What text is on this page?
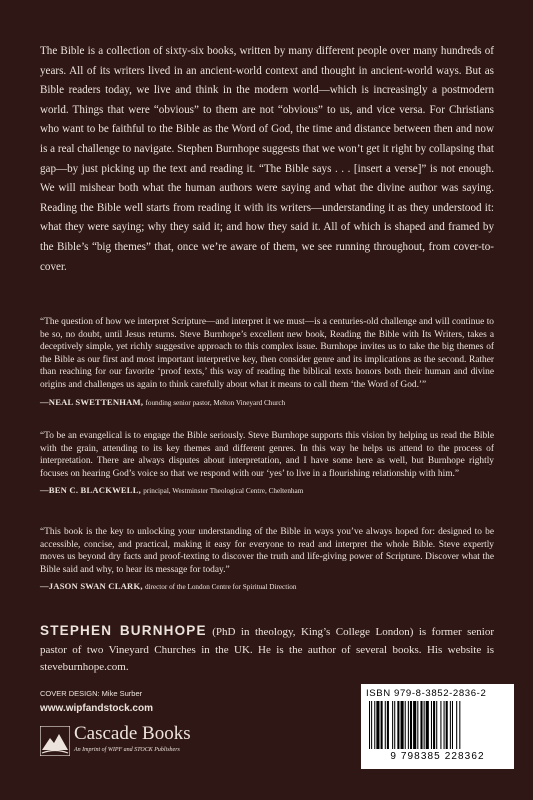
The Bible is a collection of sixty-six books, written by many different people over many hundreds of years. All of its writers lived in an ancient-world context and thought in ancient-world ways. But as Bible readers today, we live and think in the modern world—which is increasingly a postmodern world. Things that were “obvious” to them are not “obvious” to us, and vice versa. For Christians who want to be faithful to the Bible as the Word of God, the time and distance between then and now is a real challenge to navigate. Stephen Burnhope suggests that we won’t get it right by collapsing that gap—by just picking up the text and reading it. “The Bible says . . . [insert a verse]” is not enough. We will mishear both what the human authors were saying and what the divine author was saying. Reading the Bible well starts from reading it with its writers—understanding it as they understood it: what they were saying; why they said it; and how they said it. All of which is shaped and framed by the Bible’s “big themes” that, once we’re aware of them, we see running throughout, from cover-to-cover.

“The question of how we interpret Scripture—and interpret it we must—is a centuries-old challenge and will continue to be so, no doubt, until Jesus returns. Steve Burnhope’s excellent new book, Reading the Bible with Its Writers, takes a deceptively simple, yet richly suggestive approach to this complex issue. Burnhope invites us to take the big themes of the Bible as our first and most important interpretive key, then consider genre and its implications as the second. Rather than reaching for our favorite ‘proof texts,’ this way of reading the biblical texts honors both their human and divine origins and challenges us again to think carefully about what it means to call them ‘the Word of God.’”

—NEAL SWETTENHAM, founding senior pastor, Melton Vineyard Church

“To be an evangelical is to engage the Bible seriously. Steve Burnhope supports this vision by helping us read the Bible with the grain, attending to its key themes and different genres. In this way he helps us attend to the process of interpretation. There are always disputes about interpretation, and I have some here as well, but Burnhope rightly focuses on hearing God’s voice so that we respond with our ‘yes’ to live in a flourishing relationship with him.”

—BEN C. BLACKWELL, principal, Westminster Theological Centre, Cheltenham

“This book is the key to unlocking your understanding of the Bible in ways you’ve always hoped for: designed to be accessible, concise, and practical, making it easy for everyone to read and interpret the whole Bible. Steve expertly moves us beyond dry facts and proof-texting to discover the truth and life-giving power of Scripture. Discover what the Bible said and why, to hear its message for today.”

—JASON SWAN CLARK, director of the London Centre for Spiritual Direction

STEPHEN BURNHOPE (PhD in theology, King’s College London) is former senior pastor of two Vineyard Churches in the UK. He is the author of several books. His website is steveburnhope.com.

COVER DESIGN: Mike Surber
www.wipfandstock.com
Cascade Books
An Imprint of WIPF and STOCK Publishers
ISBN 979-8-3852-2836-2
9 798385 228362
